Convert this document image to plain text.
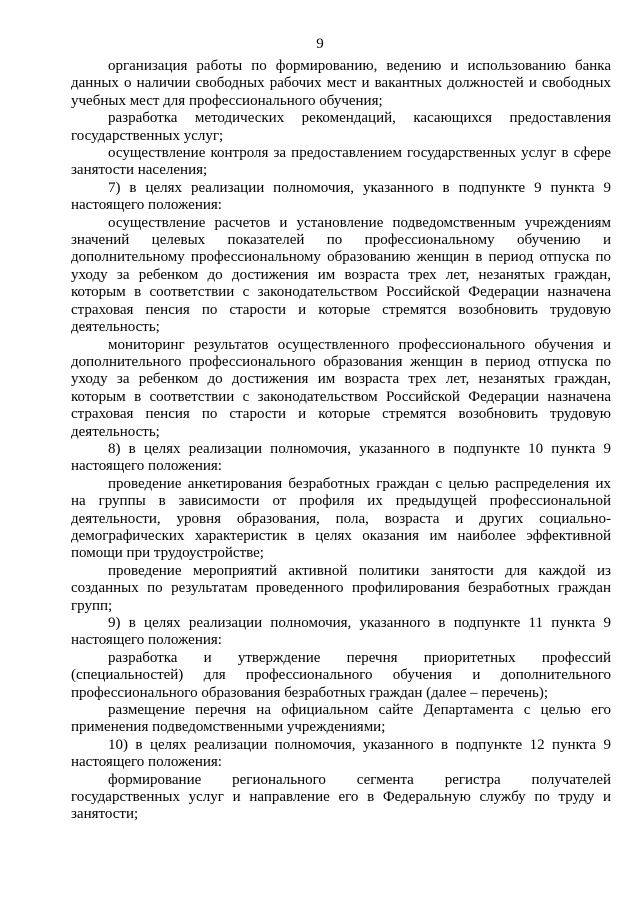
9

организация работы по формированию, ведению и использованию банка данных о наличии свободных рабочих мест и вакантных должностей и свободных учебных мест для профессионального обучения;

разработка методических рекомендаций, касающихся предоставления государственных услуг;

осуществление контроля за предоставлением государственных услуг в сфере занятости населения;

7) в целях реализации полномочия, указанного в подпункте 9 пункта 9 настоящего положения:

осуществление расчетов и установление подведомственным учреждениям значений целевых показателей по профессиональному обучению и дополнительному профессиональному образованию женщин в период отпуска по уходу за ребенком до достижения им возраста трех лет, незанятых граждан, которым в соответствии с законодательством Российской Федерации назначена страховая пенсия по старости и которые стремятся возобновить трудовую деятельность;

мониторинг результатов осуществленного профессионального обучения и дополнительного профессионального образования женщин в период отпуска по уходу за ребенком до достижения им возраста трех лет, незанятых граждан, которым в соответствии с законодательством Российской Федерации назначена страховая пенсия по старости и которые стремятся возобновить трудовую деятельность;

8) в целях реализации полномочия, указанного в подпункте 10 пункта 9 настоящего положения:

проведение анкетирования безработных граждан с целью распределения их на группы в зависимости от профиля их предыдущей профессиональной деятельности, уровня образования, пола, возраста и других социально-демографических характеристик в целях оказания им наиболее эффективной помощи при трудоустройстве;

проведение мероприятий активной политики занятости для каждой из созданных по результатам проведенного профилирования безработных граждан групп;

9) в целях реализации полномочия, указанного в подпункте 11 пункта 9 настоящего положения:

разработка и утверждение перечня приоритетных профессий (специальностей) для профессионального обучения и дополнительного профессионального образования безработных граждан (далее – перечень);

размещение перечня на официальном сайте Департамента с целью его применения подведомственными учреждениями;

10) в целях реализации полномочия, указанного в подпункте 12 пункта 9 настоящего положения:

формирование регионального сегмента регистра получателей государственных услуг и направление его в Федеральную службу по труду и занятости;
